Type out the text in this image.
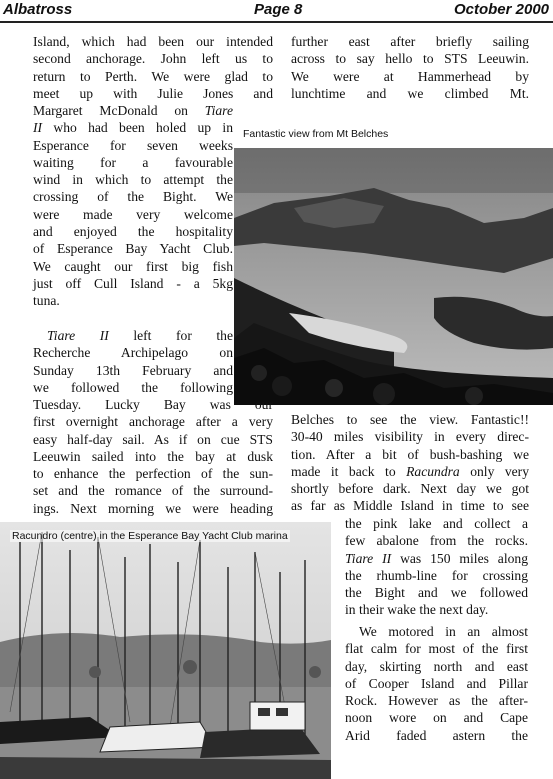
Albatross	Page 8	October 2000
Fantastic view from Mt Belches
Racundro (centre) in the Esperance Bay Yacht Club marina
Island, which had been our intended
second anchorage. John left us to
return to Perth. We were glad to
meet up with Julie Jones and
Margaret McDonald on Tiare
II who had been holed up in
Esperance for seven weeks
waiting for a favourable
wind in which to attempt the
crossing of the Bight. We
were made very welcome
and enjoyed the hospitality
of Esperance Bay Yacht Club.
We caught our first big fish
just off Cull Island - a 5kg
tuna.
Tiare II left for the
Recherche Archipelago on
Sunday 13th February and
we followed the following
Tuesday. Lucky Bay was our
first overnight anchorage after a very
easy half-day sail. As if on cue STS
Leeuwin sailed into the bay at dusk
to enhance the perfection of the sun-
set and the romance of the surround-
ings. Next morning we were heading
further east after briefly sailing
across to say hello to STS Leeuwin.
We were at Hammerhead by
lunchtime and we climbed Mt.
Belches to see the view. Fantastic!!
30-40 miles visibility in every direc-
tion. After a bit of bush-bashing we
made it back to Racundra only very
shortly before dark. Next day we got
as far as Middle Island in time to see
the pink lake and collect a
few abalone from the rocks.
Tiare II was 150 miles along
the rhumb-line for crossing
the Bight and we followed
in their wake the next day.
We motored in an almost
flat calm for most of the first
day, skirting north and east
of Cooper Island and Pillar
Rock. However as the after-
noon wore on and Cape
Arid faded astern the
